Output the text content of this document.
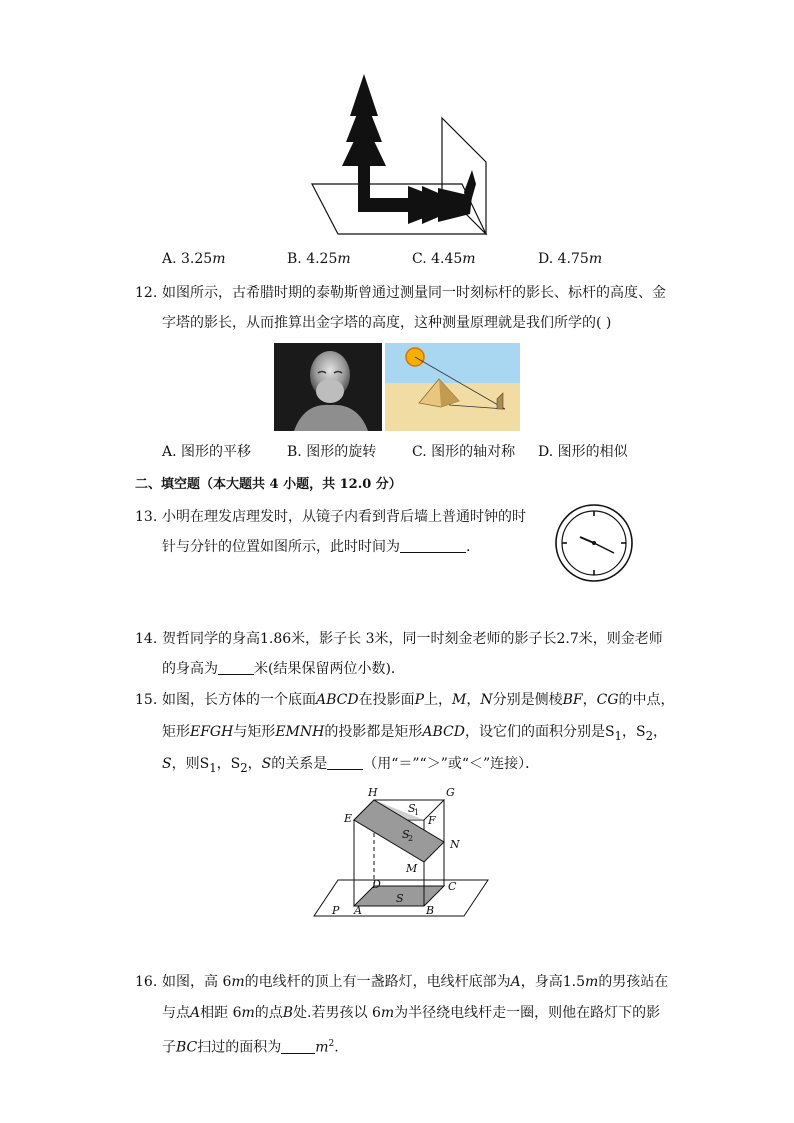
A. 3.25m	B. 4.25m	C. 4.45m	D. 4.75m
12. 如图所示，古希腊时期的泰勒斯曾通过测量同一时刻标杆的影长、标杆的高度、金
字塔的影长，从而推算出金字塔的高度，这种测量原理就是我们所学的( )
A. 图形的平移	B. 图形的旋转	C. 图形的轴对称 D. 图形的相似
二、填空题（本大题共 4 小题，共 12.0 分）
13. 小明在理发店理发时，从镜子内看到背后墙上普通时钟的时
针与分针的位置如图所示，此时时间为	.
14. 贺哲同学的身高1.86米，影子长 3米，同一时刻金老师的影子长2.7米，则金老师
的身高为	米(结果保留两位小数)．
15. 如图，长方体的一个底面ABCD在投影面P上，M，N分别是侧棱BF，CG的中点，
矩形EFGH与矩形EMNH的投影都是矩形ABCD，设它们的面积分别是$S_1$，$S_2$，
S，则$S_1$，$S_2$，S的关系是	（用“＝”“＞”或“＜”连接）．
H
S
1
G
E	F
S
2	N
M
D	C
P A
S
B
16. 如图，高 6m的电线杆的顶上有一盏路灯，电线杆底部为A，身高1.5m的男孩站在
与点A相距 6m的点B处.若男孩以 6m为半径绕电线杆走一圈，则他在路灯下的影
子BC扫过的面积为 $m^2$.
